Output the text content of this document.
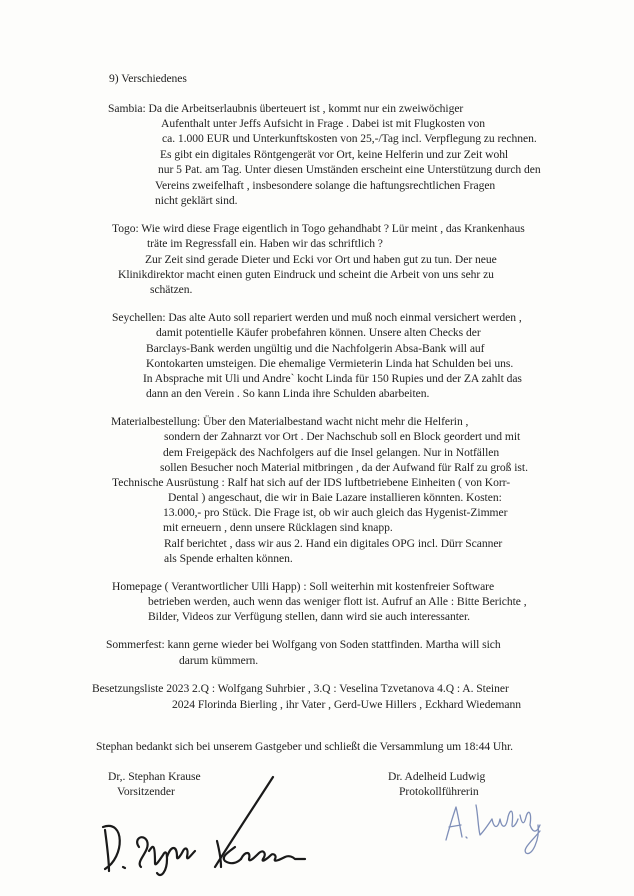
9) Verschiedenes
Sambia: Da die Arbeitserlaubnis überteuert ist , kommt nur ein zweiwöchiger
Aufenthalt unter Jeffs Aufsicht in Frage . Dabei ist mit Flugkosten von
ca. 1.000 EUR und Unterkunftskosten von 25,-/Tag incl. Verpflegung zu rechnen.
Es gibt ein digitales Röntgengerät vor Ort, keine Helferin und zur Zeit wohl
nur 5 Pat. am Tag. Unter diesen Umständen erscheint eine Unterstützung durch den
Vereins zweifelhaft , insbesondere solange die haftungsrechtlichen Fragen
nicht geklärt sind.
Togo: Wie wird diese Frage eigentlich in Togo gehandhabt ? Lür meint , das Krankenhaus
träte im Regressfall ein. Haben wir das schriftlich ?
Zur Zeit sind gerade Dieter und Ecki vor Ort und haben gut zu tun. Der neue
Klinikdirektor macht einen guten Eindruck und scheint die Arbeit von uns sehr zu
schätzen.
Seychellen: Das alte Auto soll repariert werden und muß noch einmal versichert werden ,
damit potentielle Käufer probefahren können. Unsere alten Checks der
Barclays-Bank werden ungültig und die Nachfolgerin Absa-Bank will auf
Kontokarten umsteigen. Die ehemalige Vermieterin Linda hat Schulden bei uns.
In Absprache mit Uli und Andre` kocht Linda für 150 Rupies und der ZA zahlt das
dann an den Verein . So kann Linda ihre Schulden abarbeiten.
Materialbestellung: Über den Materialbestand wacht nicht mehr die Helferin ,
sondern der Zahnarzt vor Ort . Der Nachschub soll en Block geordert und mit
dem Freigepäck des Nachfolgers auf die Insel gelangen. Nur in Notfällen
sollen Besucher noch Material mitbringen , da der Aufwand für Ralf zu groß ist.
Technische Ausrüstung : Ralf hat sich auf der IDS luftbetriebene Einheiten ( von Korr-
Dental ) angeschaut, die wir in Baie Lazare installieren könnten. Kosten:
13.000,- pro Stück. Die Frage ist, ob wir auch gleich das Hygenist-Zimmer
mit erneuern , denn unsere Rücklagen sind knapp.
Ralf berichtet , dass wir aus 2. Hand ein digitales OPG incl. Dürr Scanner
als Spende erhalten können.
Homepage ( Verantwortlicher Ulli Happ) : Soll weiterhin mit kostenfreier Software
betrieben werden, auch wenn das weniger flott ist. Aufruf an Alle : Bitte Berichte ,
Bilder, Videos zur Verfügung stellen, dann wird sie auch interessanter.
Sommerfest: kann gerne wieder bei Wolfgang von Soden stattfinden. Martha will sich
darum kümmern.
Besetzungsliste 2023 2.Q : Wolfgang Suhrbier , 3.Q : Veselina Tzvetanova 4.Q : A. Steiner
2024 Florinda Bierling , ihr Vater , Gerd-Uwe Hillers , Eckhard Wiedemann
Stephan bedankt sich bei unserem Gastgeber und schließt die Versammlung um 18:44 Uhr.
Dr,. Stephan Krause
Vorsitzender
Dr. Adelheid Ludwig
Protokollführerin
